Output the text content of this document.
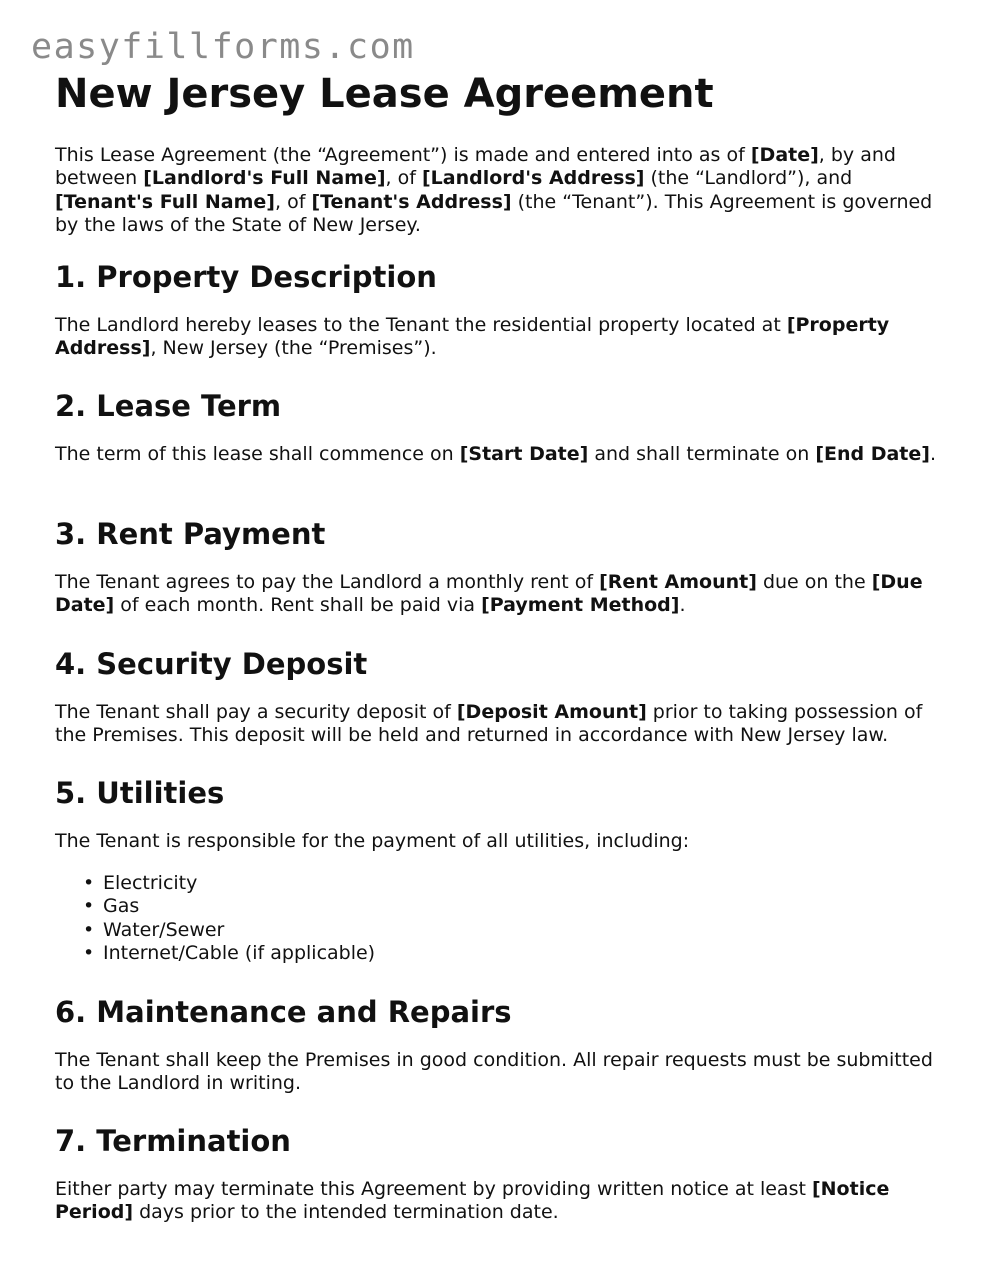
easyfillforms.com
New Jersey Lease Agreement

This Lease Agreement (the “Agreement”) is made and entered into as of [Date], by and between [Landlord's Full Name], of [Landlord's Address] (the “Landlord”), and [Tenant's Full Name], of [Tenant's Address] (the “Tenant”). This Agreement is governed by the laws of the State of New Jersey.

1. Property Description

The Landlord hereby leases to the Tenant the residential property located at [Property Address], New Jersey (the “Premises”).

2. Lease Term

The term of this lease shall commence on [Start Date] and shall terminate on [End Date].

3. Rent Payment

The Tenant agrees to pay the Landlord a monthly rent of [Rent Amount] due on the [Due Date] of each month. Rent shall be paid via [Payment Method].

4. Security Deposit

The Tenant shall pay a security deposit of [Deposit Amount] prior to taking possession of the Premises. This deposit will be held and returned in accordance with New Jersey law.

5. Utilities

The Tenant is responsible for the payment of all utilities, including:

• Electricity
• Gas
• Water/Sewer
• Internet/Cable (if applicable)
6. Maintenance and Repairs

The Tenant shall keep the Premises in good condition. All repair requests must be submitted to the Landlord in writing.

7. Termination

Either party may terminate this Agreement by providing written notice at least [Notice Period] days prior to the intended termination date.
